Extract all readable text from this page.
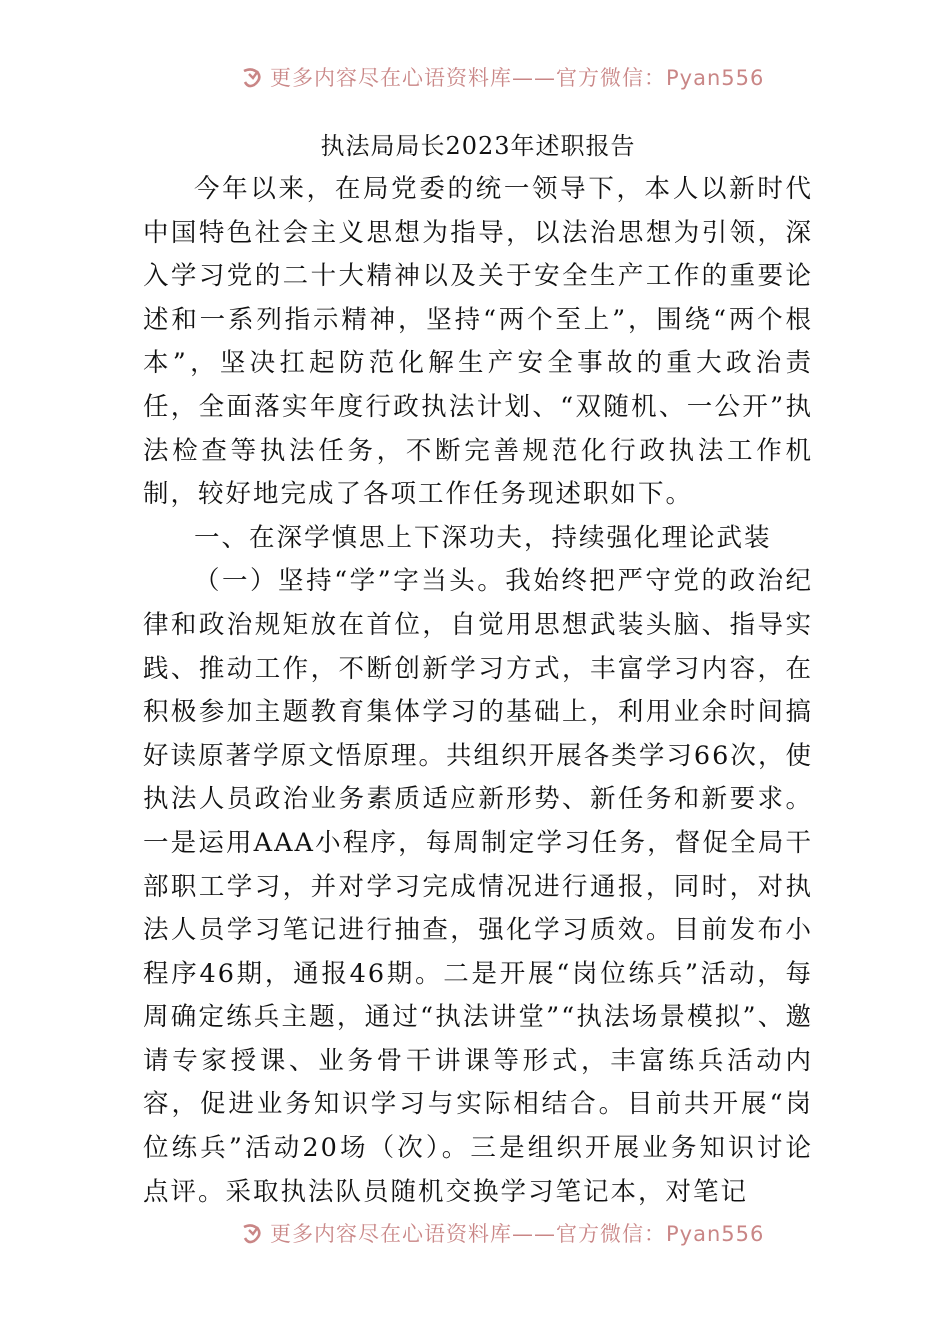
更多内容尽在心语资料库——官方微信：Pyan556
执法局局长2023年述职报告

今年以来，在局党委的统一领导下，本人以新时代中国特色社会主义思想为指导，以法治思想为引领，深入学习党的二十大精神以及关于安全生产工作的重要论述和一系列指示精神，坚持“两个至上”，围绕“两个根本”，坚决扛起防范化解生产安全事故的重大政治责任，全面落实年度行政执法计划、“双随机、一公开”执法检查等执法任务，不断完善规范化行政执法工作机制，较好地完成了各项工作任务现述职如下。

一、在深学慎思上下深功夫，持续强化理论武装

（一）坚持“学”字当头。我始终把严守党的政治纪律和政治规矩放在首位，自觉用思想武装头脑、指导实践、推动工作，不断创新学习方式，丰富学习内容，在积极参加主题教育集体学习的基础上，利用业余时间搞好读原著学原文悟原理。共组织开展各类学习66次，使执法人员政治业务素质适应新形势、新任务和新要求。一是运用AAA小程序，每周制定学习任务，督促全局干部职工学习，并对学习完成情况进行通报，同时，对执法人员学习笔记进行抽查，强化学习质效。目前发布小程序46期，通报46期。二是开展“岗位练兵”活动，每周确定练兵主题，通过“执法讲堂”“执法场景模拟”、邀请专家授课、业务骨干讲课等形式，丰富练兵活动内容，促进业务知识学习与实际相结合。目前共开展“岗位练兵”活动20场（次）。三是组织开展业务知识讨论点评。采取执法队员随机交换学习笔记本，对笔记

更多内容尽在心语资料库——官方微信：Pyan556
